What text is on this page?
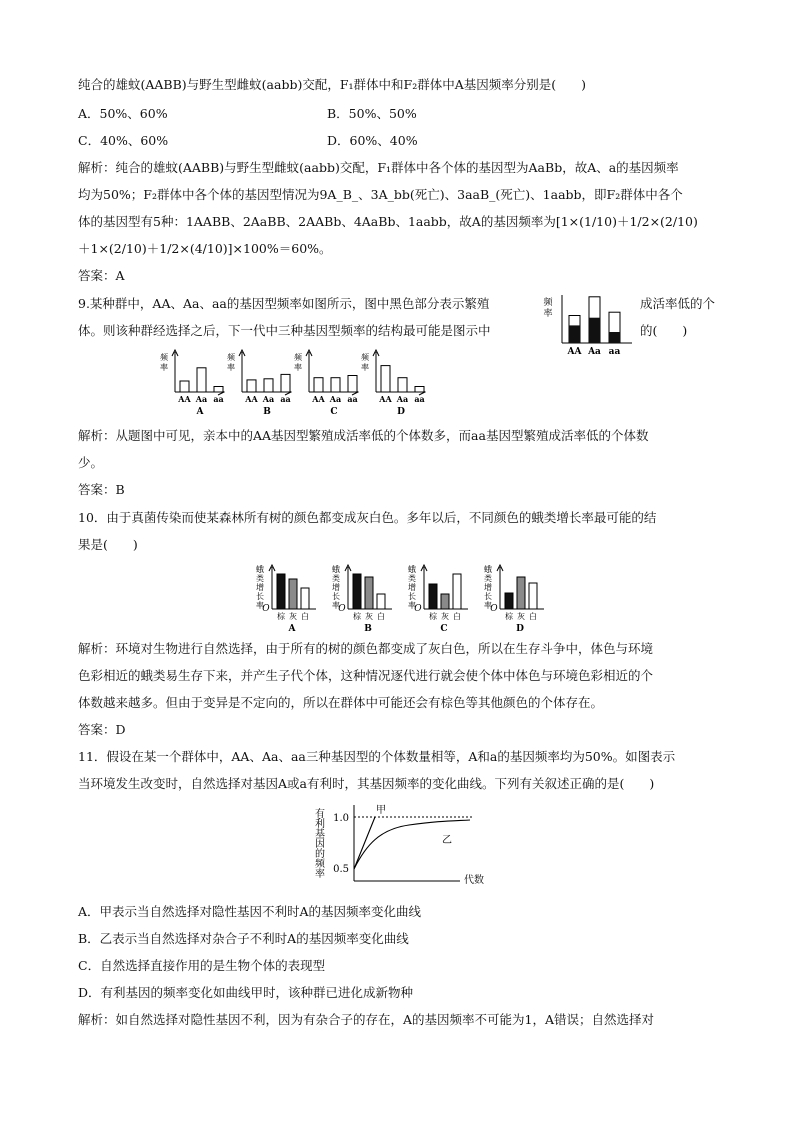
纯合的雄蚊(AABB)与野生型雌蚊(aabb)交配，F₁群体中和F₂群体中A基因频率分别是(　　)
A．50%、60%	B．50%、50%
C．40%、60%	D．60%、40%
解析：纯合的雄蚊(AABB)与野生型雌蚊(aabb)交配，F₁群体中各个体的基因型为AaBb，故A、a的基因频率
均为50%；F₂群体中各个体的基因型情况为9A_B_、3A_bb(死亡)、3aaB_(死亡)、1aabb，即F₂群体中各个
体的基因型有5种：1AABB、2AaBB、2AABb、4AaBb、1aabb，故A的基因频率为[1×(1/10)＋1/2×(2/10)
＋1×(2/10)＋1/2×(4/10)]×100%＝60%。
答案：A
9.某种群中，AA、Aa、aa的基因型频率如图所示，图中黑色部分表示繁殖	成活率低的个
体。则该种群经选择之后，下一代中三种基因型频率的结构最可能是图示中	的(　　)
频
率
AA Aa aa
频
率
AA Aa aa
A
频
率
AA Aa aa
B
频
率
AA Aa aa
C
频
率
AA Aa aa
D
解析：从题图中可见，亲本中的AA基因型繁殖成活率低的个体数多，而aa基因型繁殖成活率低的个体数
少。
答案：B
10．由于真菌传染而使某森林所有树的颜色都变成灰白色。多年以后，不同颜色的蛾类增长率最可能的结
果是(　　)
蛾
类
增
长
率
O
棕 灰 白
A
蛾
类
增
长
率
O
棕 灰 白
B
蛾
类
增
长
率
O
棕 灰 白
C
蛾
类
增
长
率
O
棕 灰 白
D
解析：环境对生物进行自然选择，由于所有的树的颜色都变成了灰白色，所以在生存斗争中，体色与环境
色彩相近的蛾类易生存下来，并产生子代个体，这种情况逐代进行就会使个体中体色与环境色彩相近的个
体数越来越多。但由于变异是不定向的，所以在群体中可能还会有棕色等其他颜色的个体存在。
答案：D
11．假设在某一个群体中，AA、Aa、aa三种基因型的个体数量相等，A和a的基因频率均为50%。如图表示
当环境发生改变时，自然选择对基因A或a有利时，其基因频率的变化曲线。下列有关叙述正确的是(　　)
有
利
基
因
的
频
率
1.0
0.5
代数
甲
乙
A．甲表示当自然选择对隐性基因不利时A的基因频率变化曲线
B．乙表示当自然选择对杂合子不利时A的基因频率变化曲线
C．自然选择直接作用的是生物个体的表现型
D．有利基因的频率变化如曲线甲时，该种群已进化成新物种
解析：如自然选择对隐性基因不利，因为有杂合子的存在，A的基因频率不可能为1，A错误；自然选择对
